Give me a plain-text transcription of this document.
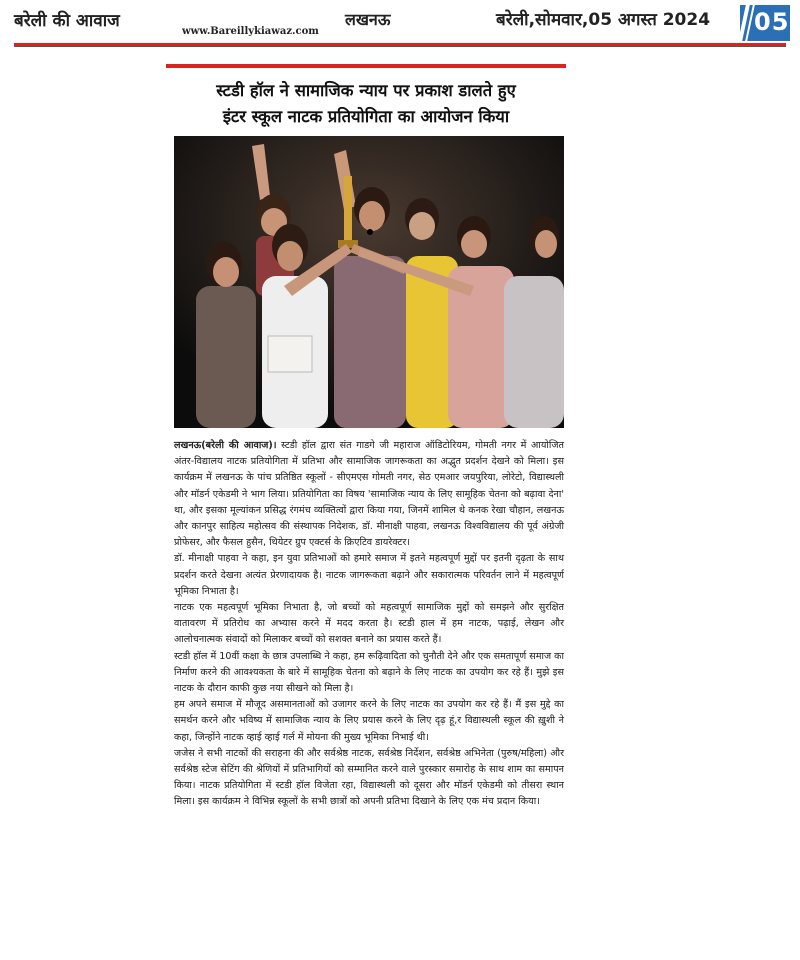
बरेली की आवाज
www.Bareillykiawaz.com
लखनऊ	बरेली,सोमवार,05 अगस्त 2024 05
स्टडी हॉल ने सामाजिक न्याय पर प्रकाश डालते हुए
इंटर स्कूल नाटक प्रतियोगिता का आयोजन किया

लखनऊ(बरेली की आवाज)। स्टडी हॉल द्वारा संत गाडगे जी महाराज ऑडिटोरियम, गोमती नगर में आयोजित अंतर-विद्यालय नाटक प्रतियोगिता में प्रतिभा और सामाजिक जागरूकता का अद्भुत प्रदर्शन देखने को मिला। इस कार्यक्रम में लखनऊ के पांच प्रतिष्ठित स्कूलों - सीएमएस गोमती नगर, सेठ एमआर जयपुरिया, लोरेटो, विद्यास्थली और मॉडर्न एकेडमी ने भाग लिया। प्रतियोगिता का विषय 'सामाजिक न्याय के लिए सामूहिक चेतना को बढ़ावा देना' था, और इसका मूल्यांकन प्रसिद्ध रंगमंच व्यक्तित्वों द्वारा किया गया, जिनमें शामिल थे कनक रेखा चौहान, लखनऊ और कानपुर साहित्य महोत्सव की संस्थापक निदेशक, डॉ. मीनाक्षी पाहवा, लखनऊ विश्वविद्यालय की पूर्व अंग्रेजी प्रोफेसर, और फैसल हुसैन, थियेटर ग्रुप एक्टर्स के क्रिएटिव डायरेक्टर।

डॉ. मीनाक्षी पाहवा ने कहा, इन युवा प्रतिभाओं को हमारे समाज में इतने महत्वपूर्ण मुद्दों पर इतनी दृढ़ता के साथ प्रदर्शन करते देखना अत्यंत प्रेरणादायक है। नाटक जागरूकता बढ़ाने और सकारात्मक परिवर्तन लाने में महत्वपूर्ण भूमिका निभाता है।

नाटक एक महत्वपूर्ण भूमिका निभाता है, जो बच्चों को महत्वपूर्ण सामाजिक मुद्दों को समझने और सुरक्षित वातावरण में प्रतिरोध का अभ्यास करने में मदद करता है। स्टडी हाल में हम नाटक, पढ़ाई, लेखन और आलोचनात्मक संवादों को मिलाकर बच्चों को सशक्त बनाने का प्रयास करते हैं।

स्टडी हॉल में 10वीं कक्षा के छात्र उपलाब्धि ने कहा, हम रूढ़िवादिता को चुनौती देने और एक समतापूर्ण समाज का निर्माण करने की आवश्यकता के बारे में सामूहिक चेतना को बढ़ाने के लिए नाटक का उपयोग कर रहे हैं। मुझे इस नाटक के दौरान काफी कुछ नया सीखने को मिला है।

हम अपने समाज में मौजूद असमानताओं को उजागर करने के लिए नाटक का उपयोग कर रहे हैं। मैं इस मुद्दे का समर्थन करने और भविष्य में सामाजिक न्याय के लिए प्रयास करने के लिए दृढ़ हूं,र विद्यास्थली स्कूल की ख़ुशी ने कहा, जिन्होंने नाटक व्हाई व्हाई गर्ल में मोयना की मुख्य भूमिका निभाई थी।

जजेस ने सभी नाटकों की सराहना की और सर्वश्रेष्ठ नाटक, सर्वश्रेष्ठ निर्देशन, सर्वश्रेष्ठ अभिनेता (पुरुष/महिला) और सर्वश्रेष्ठ स्टेज सेटिंग की श्रेणियों में प्रतिभागियों को सम्मानित करने वाले पुरस्कार समारोह के साथ शाम का समापन किया। नाटक प्रतियोगिता में स्टडी हॉल विजेता रहा, विद्यास्थली को दूसरा और मॉडर्न एकेडमी को तीसरा स्थान मिला। इस कार्यक्रम ने विभिन्न स्कूलों के सभी छात्रों को अपनी प्रतिभा दिखाने के लिए एक मंच प्रदान किया।
